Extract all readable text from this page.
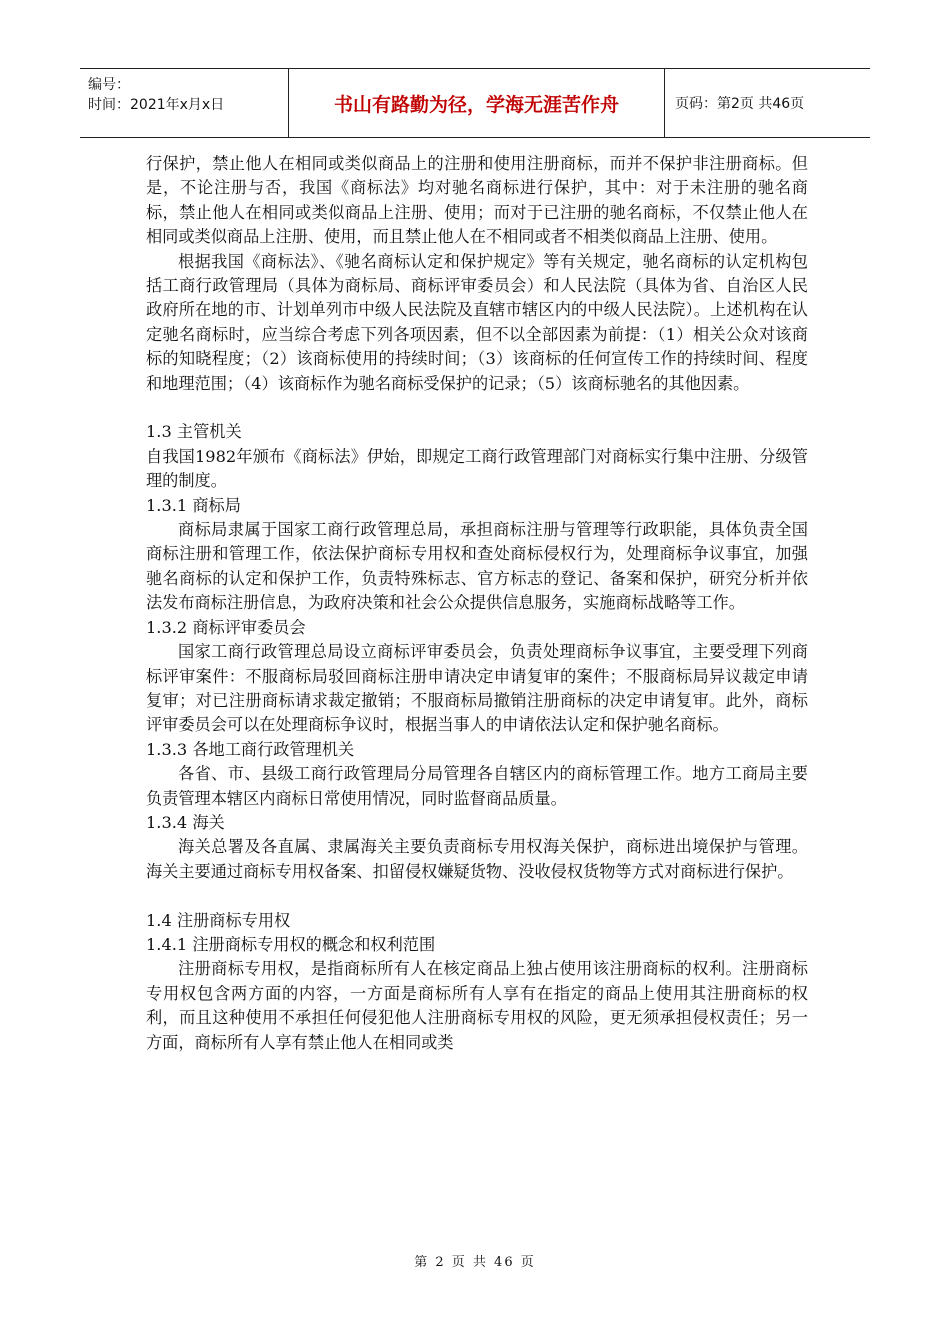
编号：
时间：2021年x月x日	书山有路勤为径，学海无涯苦作舟	页码：第2页 共46页

行保护，禁止他人在相同或类似商品上的注册和使用注册商标，而并不保护非注册商标。但是，不论注册与否，我国《商标法》均对驰名商标进行保护，其中：对于未注册的驰名商标，禁止他人在相同或类似商品上注册、使用；而对于已注册的驰名商标，不仅禁止他人在相同或类似商品上注册、使用，而且禁止他人在不相同或者不相类似商品上注册、使用。

根据我国《商标法》、《驰名商标认定和保护规定》等有关规定，驰名商标的认定机构包括工商行政管理局（具体为商标局、商标评审委员会）和人民法院（具体为省、自治区人民政府所在地的市、计划单列市中级人民法院及直辖市辖区内的中级人民法院）。上述机构在认定驰名商标时，应当综合考虑下列各项因素，但不以全部因素为前提：（1）相关公众对该商标的知晓程度；（2）该商标使用的持续时间；（3）该商标的任何宣传工作的持续时间、程度和地理范围；（4）该商标作为驰名商标受保护的记录；（5）该商标驰名的其他因素。

1.3 主管机关

自我国1982年颁布《商标法》伊始，即规定工商行政管理部门对商标实行集中注册、分级管理的制度。

1.3.1 商标局

商标局隶属于国家工商行政管理总局，承担商标注册与管理等行政职能，具体负责全国商标注册和管理工作，依法保护商标专用权和查处商标侵权行为，处理商标争议事宜，加强驰名商标的认定和保护工作，负责特殊标志、官方标志的登记、备案和保护，研究分析并依法发布商标注册信息，为政府决策和社会公众提供信息服务，实施商标战略等工作。

1.3.2 商标评审委员会

国家工商行政管理总局设立商标评审委员会，负责处理商标争议事宜，主要受理下列商标评审案件：不服商标局驳回商标注册申请决定申请复审的案件；不服商标局异议裁定申请复审；对已注册商标请求裁定撤销；不服商标局撤销注册商标的决定申请复审。此外，商标评审委员会可以在处理商标争议时，根据当事人的申请依法认定和保护驰名商标。

1.3.3 各地工商行政管理机关

各省、市、县级工商行政管理局分局管理各自辖区内的商标管理工作。地方工商局主要负责管理本辖区内商标日常使用情况，同时监督商品质量。

1.3.4 海关

海关总署及各直属、隶属海关主要负责商标专用权海关保护，商标进出境保护与管理。海关主要通过商标专用权备案、扣留侵权嫌疑货物、没收侵权货物等方式对商标进行保护。

1.4 注册商标专用权

1.4.1 注册商标专用权的概念和权利范围

注册商标专用权，是指商标所有人在核定商品上独占使用该注册商标的权利。注册商标专用权包含两方面的内容，一方面是商标所有人享有在指定的商品上使用其注册商标的权利，而且这种使用不承担任何侵犯他人注册商标专用权的风险，更无须承担侵权责任；另一方面，商标所有人享有禁止他人在相同或类

第 2 页 共 46 页
